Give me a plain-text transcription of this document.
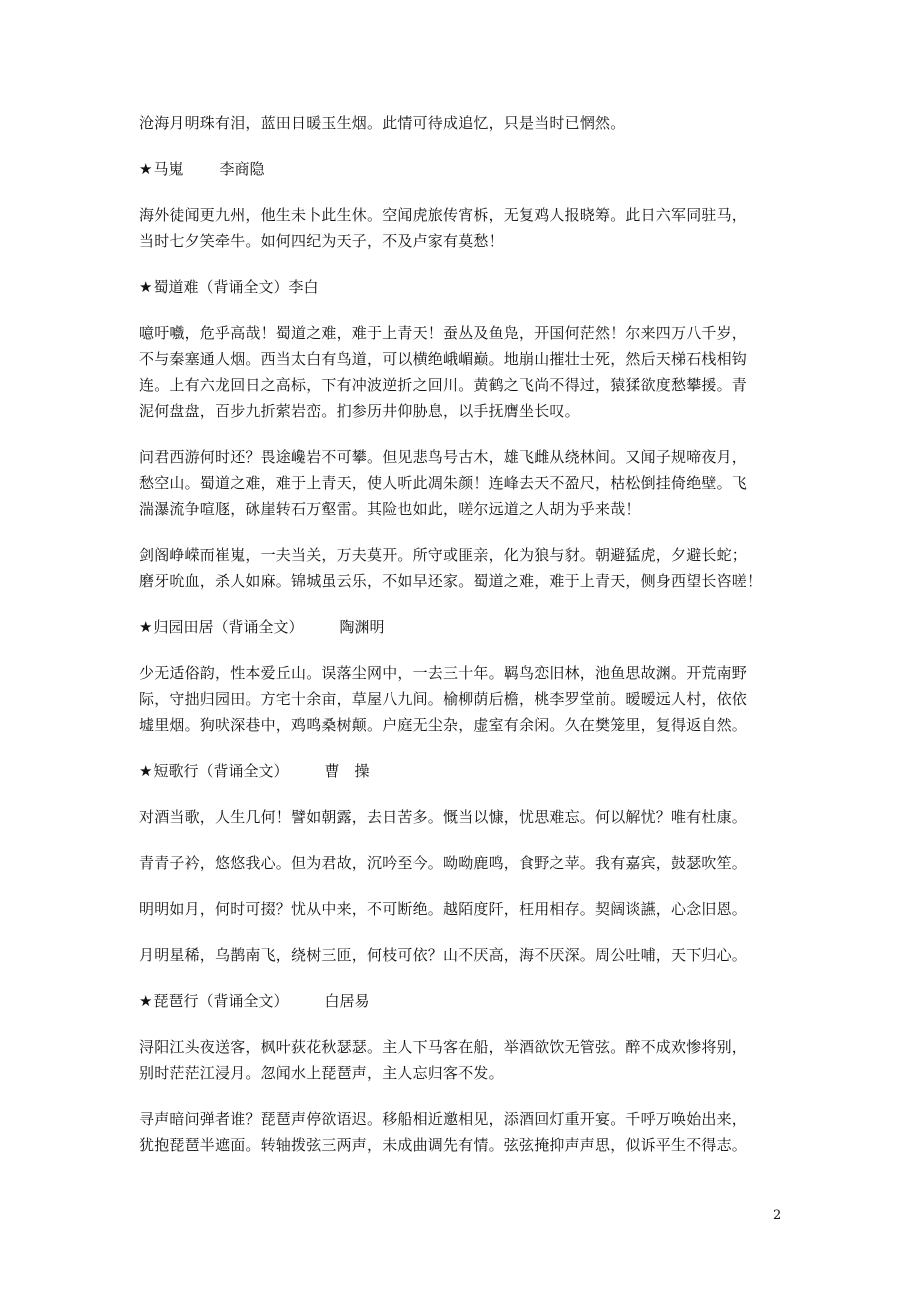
沧海月明珠有泪，蓝田日暖玉生烟。此情可待成追忆，只是当时已惘然。
★马嵬 李商隐
海外徒闻更九州，他生未卜此生休。空闻虎旅传宵柝，无复鸡人报晓筹。此日六军同驻马，
当时七夕笑牵牛。如何四纪为天子，不及卢家有莫愁！
★蜀道难（背诵全文）李白
噫吁嚱，危乎高哉！蜀道之难，难于上青天！蚕丛及鱼凫，开国何茫然！尔来四万八千岁，
不与秦塞通人烟。西当太白有鸟道，可以横绝峨嵋巅。地崩山摧壮士死，然后天梯石栈相钩
连。上有六龙回日之高标，下有冲波逆折之回川。黄鹤之飞尚不得过，猿猱欲度愁攀援。青
泥何盘盘，百步九折萦岩峦。扪参历井仰胁息，以手抚膺坐长叹。
问君西游何时还？畏途巉岩不可攀。但见悲鸟号古木，雄飞雌从绕林间。又闻子规啼夜月，
愁空山。蜀道之难，难于上青天，使人听此凋朱颜！连峰去天不盈尺，枯松倒挂倚绝壁。飞
湍瀑流争喧豗，砯崖转石万壑雷。其险也如此，嗟尔远道之人胡为乎来哉！
剑阁峥嵘而崔嵬，一夫当关，万夫莫开。所守或匪亲，化为狼与豺。朝避猛虎，夕避长蛇；
磨牙吮血，杀人如麻。锦城虽云乐，不如早还家。蜀道之难，难于上青天，侧身西望长咨嗟！
★归园田居（背诵全文） 陶渊明
少无适俗韵，性本爱丘山。误落尘网中，一去三十年。羁鸟恋旧林，池鱼思故渊。开荒南野
际，守拙归园田。方宅十余亩，草屋八九间。榆柳荫后檐，桃李罗堂前。暧暧远人村，依依
墟里烟。狗吠深巷中，鸡鸣桑树颠。户庭无尘杂，虚室有余闲。久在樊笼里，复得返自然。
★短歌行（背诵全文） 曹　操
对酒当歌，人生几何！譬如朝露，去日苦多。慨当以慷，忧思难忘。何以解忧？唯有杜康。
青青子衿，悠悠我心。但为君故，沉吟至今。呦呦鹿鸣，食野之苹。我有嘉宾，鼓瑟吹笙。
明明如月，何时可掇？忧从中来，不可断绝。越陌度阡，枉用相存。契阔谈讌，心念旧恩。
月明星稀，乌鹊南飞，绕树三匝，何枝可依？山不厌高，海不厌深。周公吐哺，天下归心。
★琵琶行（背诵全文） 白居易
浔阳江头夜送客，枫叶荻花秋瑟瑟。主人下马客在船，举酒欲饮无管弦。醉不成欢惨将别，
别时茫茫江浸月。忽闻水上琵琶声，主人忘归客不发。
寻声暗问弹者谁？琵琶声停欲语迟。移船相近邀相见，添酒回灯重开宴。千呼万唤始出来，
犹抱琵琶半遮面。转轴拨弦三两声，未成曲调先有情。弦弦掩抑声声思，似诉平生不得志。
2
